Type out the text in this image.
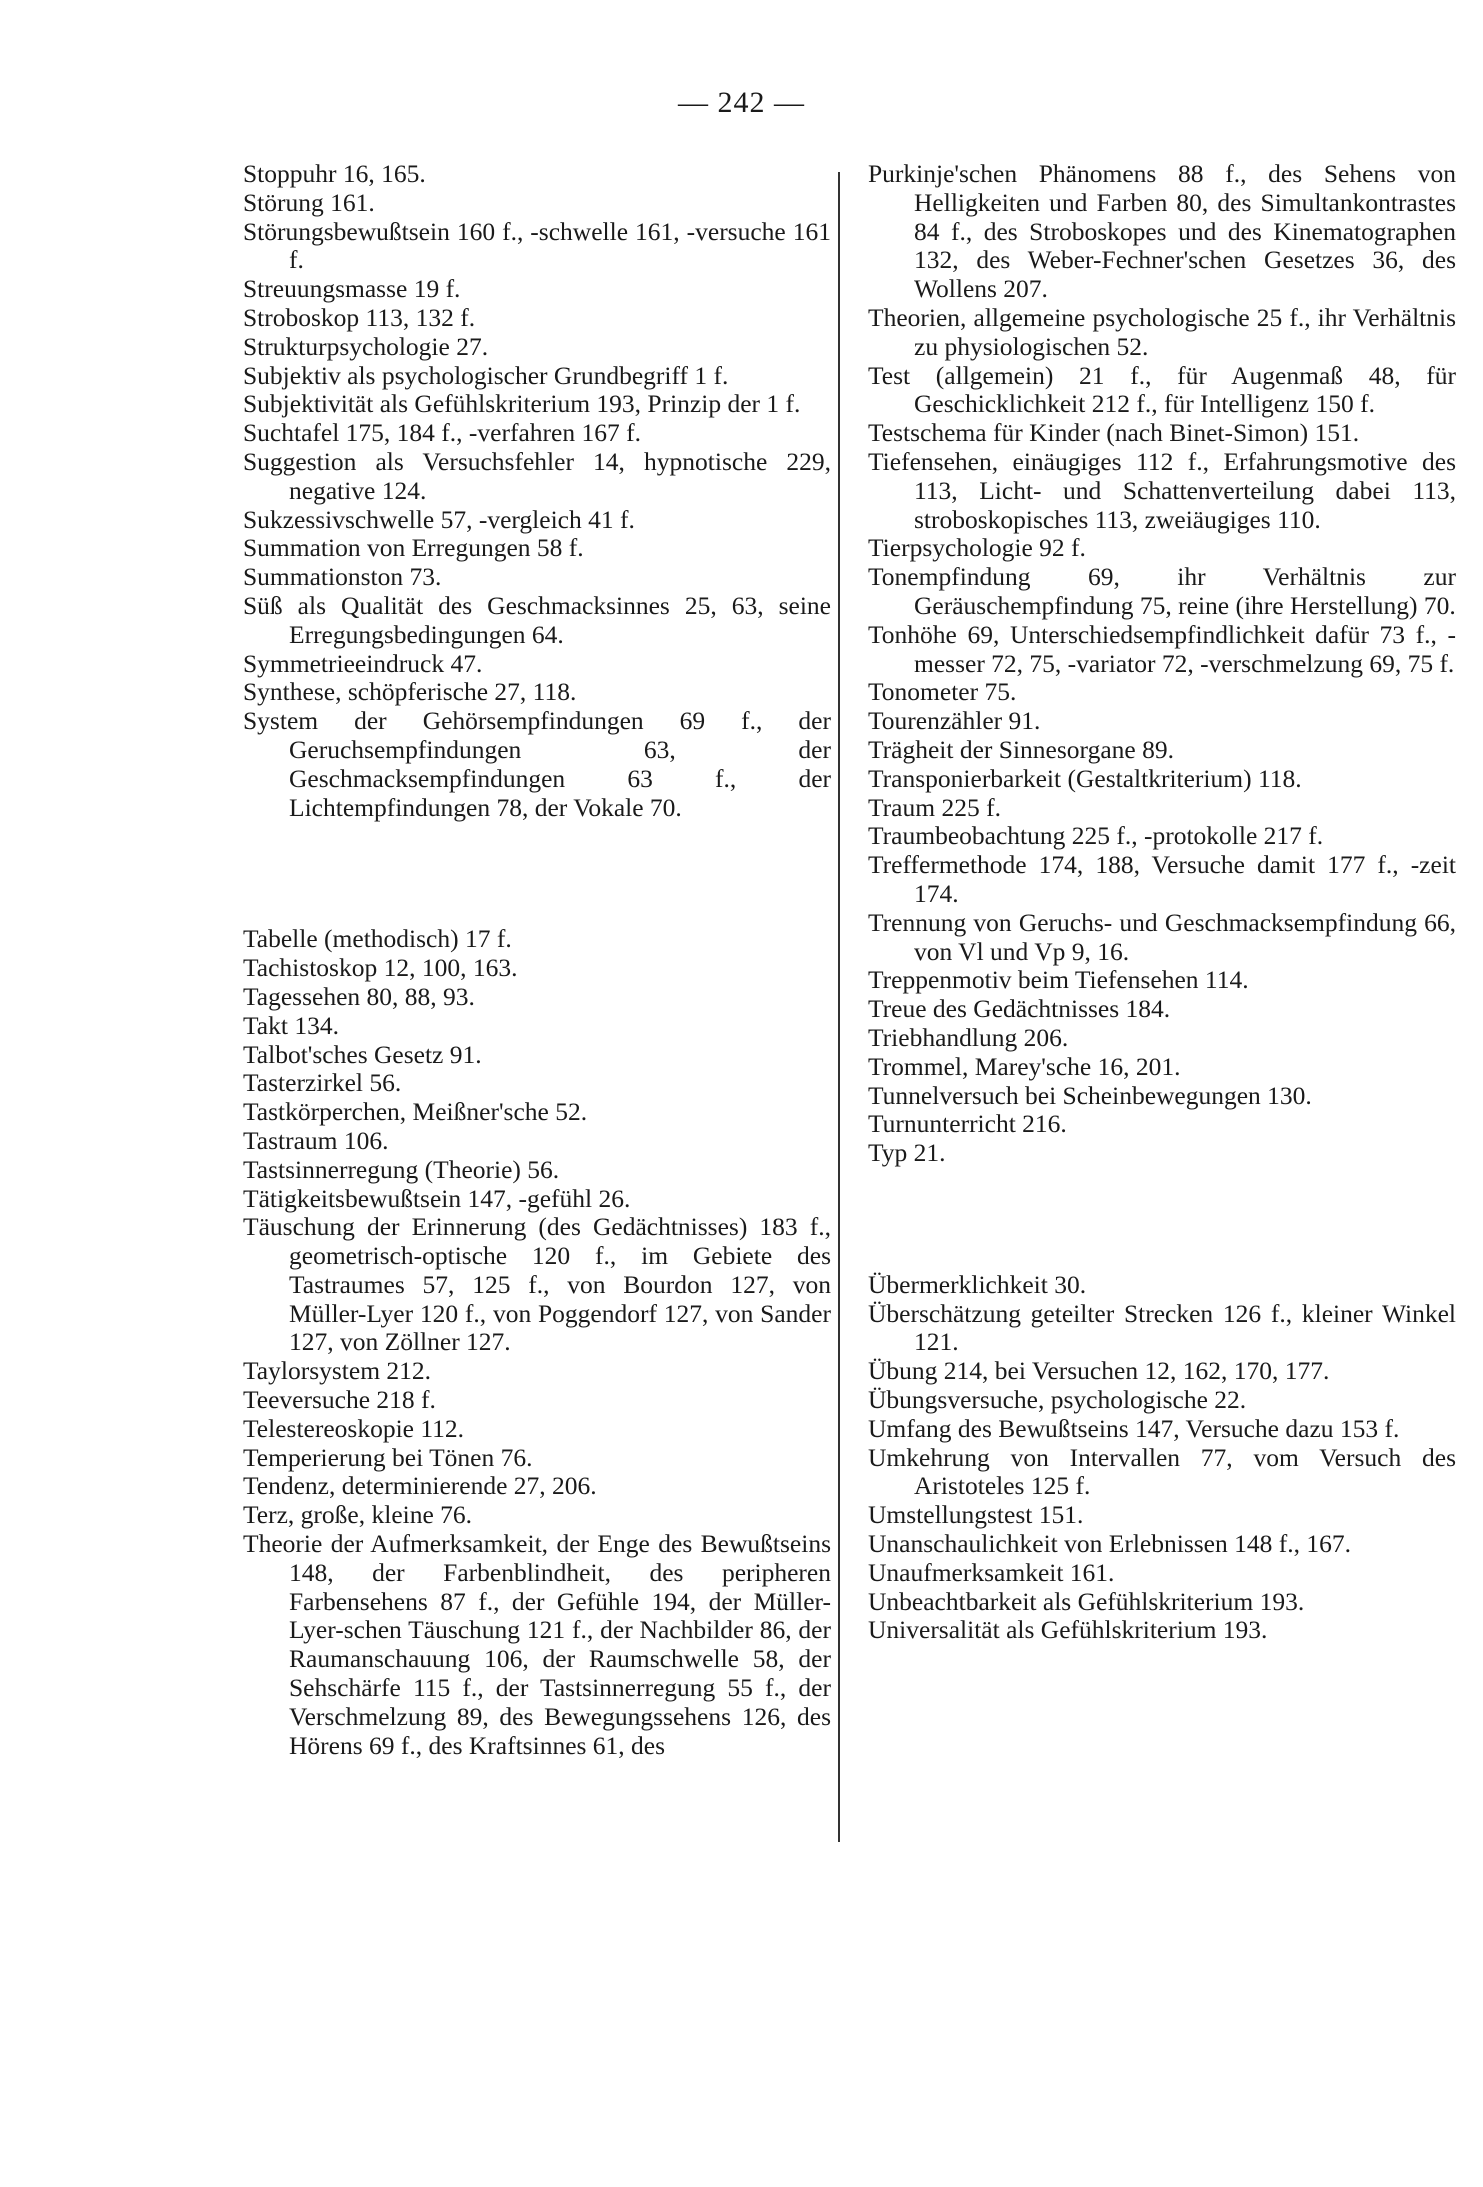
— 242 —

Stoppuhr 16, 165.

Störung 161.

Störungsbewußtsein 160 f., -schwelle 161, -versuche 161 f.

Streuungsmasse 19 f.

Stroboskop 113, 132 f.

Strukturpsychologie 27.

Subjektiv als psychologischer Grundbegriff 1 f.

Subjektivität als Gefühlskriterium 193, Prinzip der 1 f.

Suchtafel 175, 184 f., -verfahren 167 f.

Suggestion als Versuchsfehler 14, hypnotische 229, negative 124.

Sukzessivschwelle 57, -vergleich 41 f.

Summation von Erregungen 58 f.

Summationston 73.

Süß als Qualität des Geschmacksinnes 25, 63, seine Erregungsbedingungen 64.

Symmetrieeindruck 47.

Synthese, schöpferische 27, 118.

System der Gehörsempfindungen 69 f., der Geruchsempfindungen 63, der Geschmacksempfindungen 63 f., der Lichtempfindungen 78, der Vokale 70.

Tabelle (methodisch) 17 f.

Tachistoskop 12, 100, 163.

Tagessehen 80, 88, 93.

Takt 134.

Talbot'sches Gesetz 91.

Tasterzirkel 56.

Tastkörperchen, Meißner'sche 52.

Tastraum 106.

Tastsinnerregung (Theorie) 56.

Tätigkeitsbewußtsein 147, -gefühl 26.

Täuschung der Erinnerung (des Gedächtnisses) 183 f., geometrisch-optische 120 f., im Gebiete des Tastraumes 57, 125 f., von Bourdon 127, von Müller-Lyer 120 f., von Poggendorf 127, von Sander 127, von Zöllner 127.

Taylorsystem 212.

Teeversuche 218 f.

Telestereoskopie 112.

Temperierung bei Tönen 76.

Tendenz, determinierende 27, 206.

Terz, große, kleine 76.

Theorie der Aufmerksamkeit, der Enge des Bewußtseins 148, der Farbenblindheit, des peripheren Farbensehens 87 f., der Gefühle 194, der Müller-Lyer-schen Täuschung 121 f., der Nachbilder 86, der Raumanschauung 106, der Raumschwelle 58, der Sehschärfe 115 f., der Tastsinnerregung 55 f., der Verschmelzung 89, des Bewegungssehens 126, des Hörens 69 f., des Kraftsinnes 61, des

Purkinje'schen Phänomens 88 f., des Sehens von Helligkeiten und Farben 80, des Simultankontrastes 84 f., des Stroboskopes und des Kinematographen 132, des Weber-Fechner'schen Gesetzes 36, des Wollens 207.

Theorien, allgemeine psychologische 25 f., ihr Verhältnis zu physiologischen 52.

Test (allgemein) 21 f., für Augenmaß 48, für Geschicklichkeit 212 f., für Intelligenz 150 f.

Testschema für Kinder (nach Binet-Simon) 151.

Tiefensehen, einäugiges 112 f., Erfahrungsmotive des 113, Licht- und Schattenverteilung dabei 113, stroboskopisches 113, zweiäugiges 110.

Tierpsychologie 92 f.

Tonempfindung 69, ihr Verhältnis zur Geräuschempfindung 75, reine (ihre Herstellung) 70.

Tonhöhe 69, Unterschiedsempfindlichkeit dafür 73 f., -messer 72, 75, -variator 72, -verschmelzung 69, 75 f.

Tonometer 75.

Tourenzähler 91.

Trägheit der Sinnesorgane 89.

Transponierbarkeit (Gestaltkriterium) 118.

Traum 225 f.

Traumbeobachtung 225 f., -protokolle 217 f.

Treffermethode 174, 188, Versuche damit 177 f., -zeit 174.

Trennung von Geruchs- und Geschmacksempfindung 66, von Vl und Vp 9, 16.

Treppenmotiv beim Tiefensehen 114.

Treue des Gedächtnisses 184.

Triebhandlung 206.

Trommel, Marey'sche 16, 201.

Tunnelversuch bei Scheinbewegungen 130.

Turnunterricht 216.

Typ 21.

Übermerklichkeit 30.

Überschätzung geteilter Strecken 126 f., kleiner Winkel 121.

Übung 214, bei Versuchen 12, 162, 170, 177.

Übungsversuche, psychologische 22.

Umfang des Bewußtseins 147, Versuche dazu 153 f.

Umkehrung von Intervallen 77, vom Versuch des Aristoteles 125 f.

Umstellungstest 151.

Unanschaulichkeit von Erlebnissen 148 f., 167.

Unaufmerksamkeit 161.

Unbeachtbarkeit als Gefühlskriterium 193.

Universalität als Gefühlskriterium 193.
